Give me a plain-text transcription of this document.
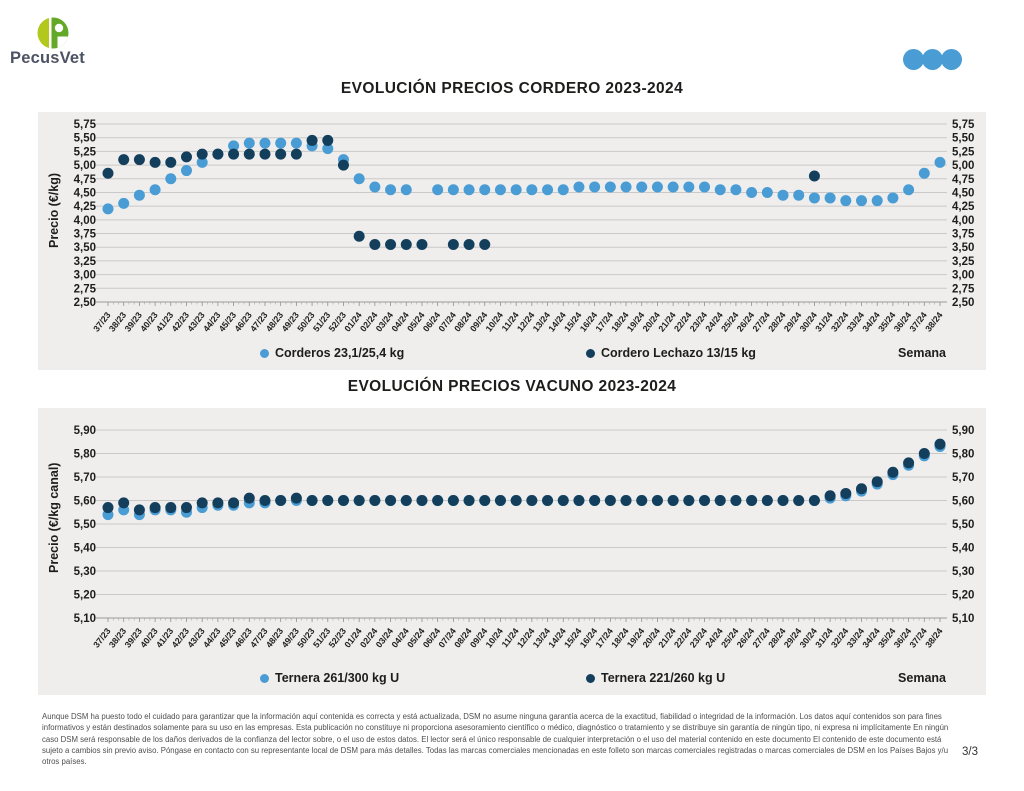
PecusVet
EVOLUCIÓN PRECIOS CORDERO 2023-2024
Precio (€/kg)
2,50	2,50
2,75	2,75
3,00	3,00
3,25	3,25
3,50	3,50
3,75	3,75
4,00	4,00
4,25	4,25
4,50	4,50
4,75	4,75
5,00	5,00
5,25	5,25
5,50	5,50
5,75	5,75
37/23
38/23
39/23
40/23
41/23
42/23
43/23
44/23
45/23
46/23
47/23
48/23
49/23
50/23
51/23
52/23
01/24
02/24
03/24
04/24
05/24
06/24
07/24
08/24
09/24
10/24
11/24
12/24
13/24
14/24
15/24
16/24
17/24
18/24
19/24
20/24
21/24
22/24
23/24
24/24
25/24
26/24
27/24
28/24
29/24
30/24
31/24
32/24
33/24
34/24
35/24
36/24
37/24
38/24
Corderos 23,1/25,4 kg	Cordero Lechazo 13/15 kg	Semana
EVOLUCIÓN PRECIOS VACUNO 2023-2024
Precio (€/kg canal)
5,10	5,10
5,20	5,20
5,30	5,30
5,40	5,40
5,50	5,50
5,60	5,60
5,70	5,70
5,80	5,80
5,90	5,90
37/23
38/23
39/23
40/23
41/23
42/23
43/23
44/23
45/23
46/23
47/23
48/23
49/23
50/23
51/23
52/23
01/24
02/24
03/24
04/24
05/24
06/24
07/24
08/24
09/24
10/24
11/24
12/24
13/24
14/24
15/24
16/24
17/24
18/24
19/24
20/24
21/24
22/24
23/24
24/24
25/24
26/24
27/24
28/24
29/24
30/24
31/24
32/24
33/24
34/24
35/24
36/24
37/24
38/24
Ternera 261/300 kg U	Ternera 221/260 kg U	Semana

Aunque DSM ha puesto todo el cuidado para garantizar que la información aquí contenida es correcta y está actualizada, DSM no asume ninguna garantía acerca de la exactitud, fiabilidad o integridad de la información. Los datos aquí contenidos son para fines informativos y están destinados solamente para su uso en las empresas. Esta publicación no constituye ni proporciona asesoramiento científico o médico, diagnóstico o tratamiento y se distribuye sin garantía de ningún tipo, ni expresa ni implícitamente En ningún caso DSM será responsable de los daños derivados de la confianza del lector sobre, o el uso de estos datos. El lector será el único responsable de cualquier interpretación o el uso del material contenido en este documento El contenido de este documento está sujeto a cambios sin previo aviso. Póngase en contacto con su representante local de DSM para más detalles. Todas las marcas comerciales mencionadas en este folleto son marcas comerciales registradas o marcas comerciales de DSM en los Países Bajos y/u otros países.

3/3
